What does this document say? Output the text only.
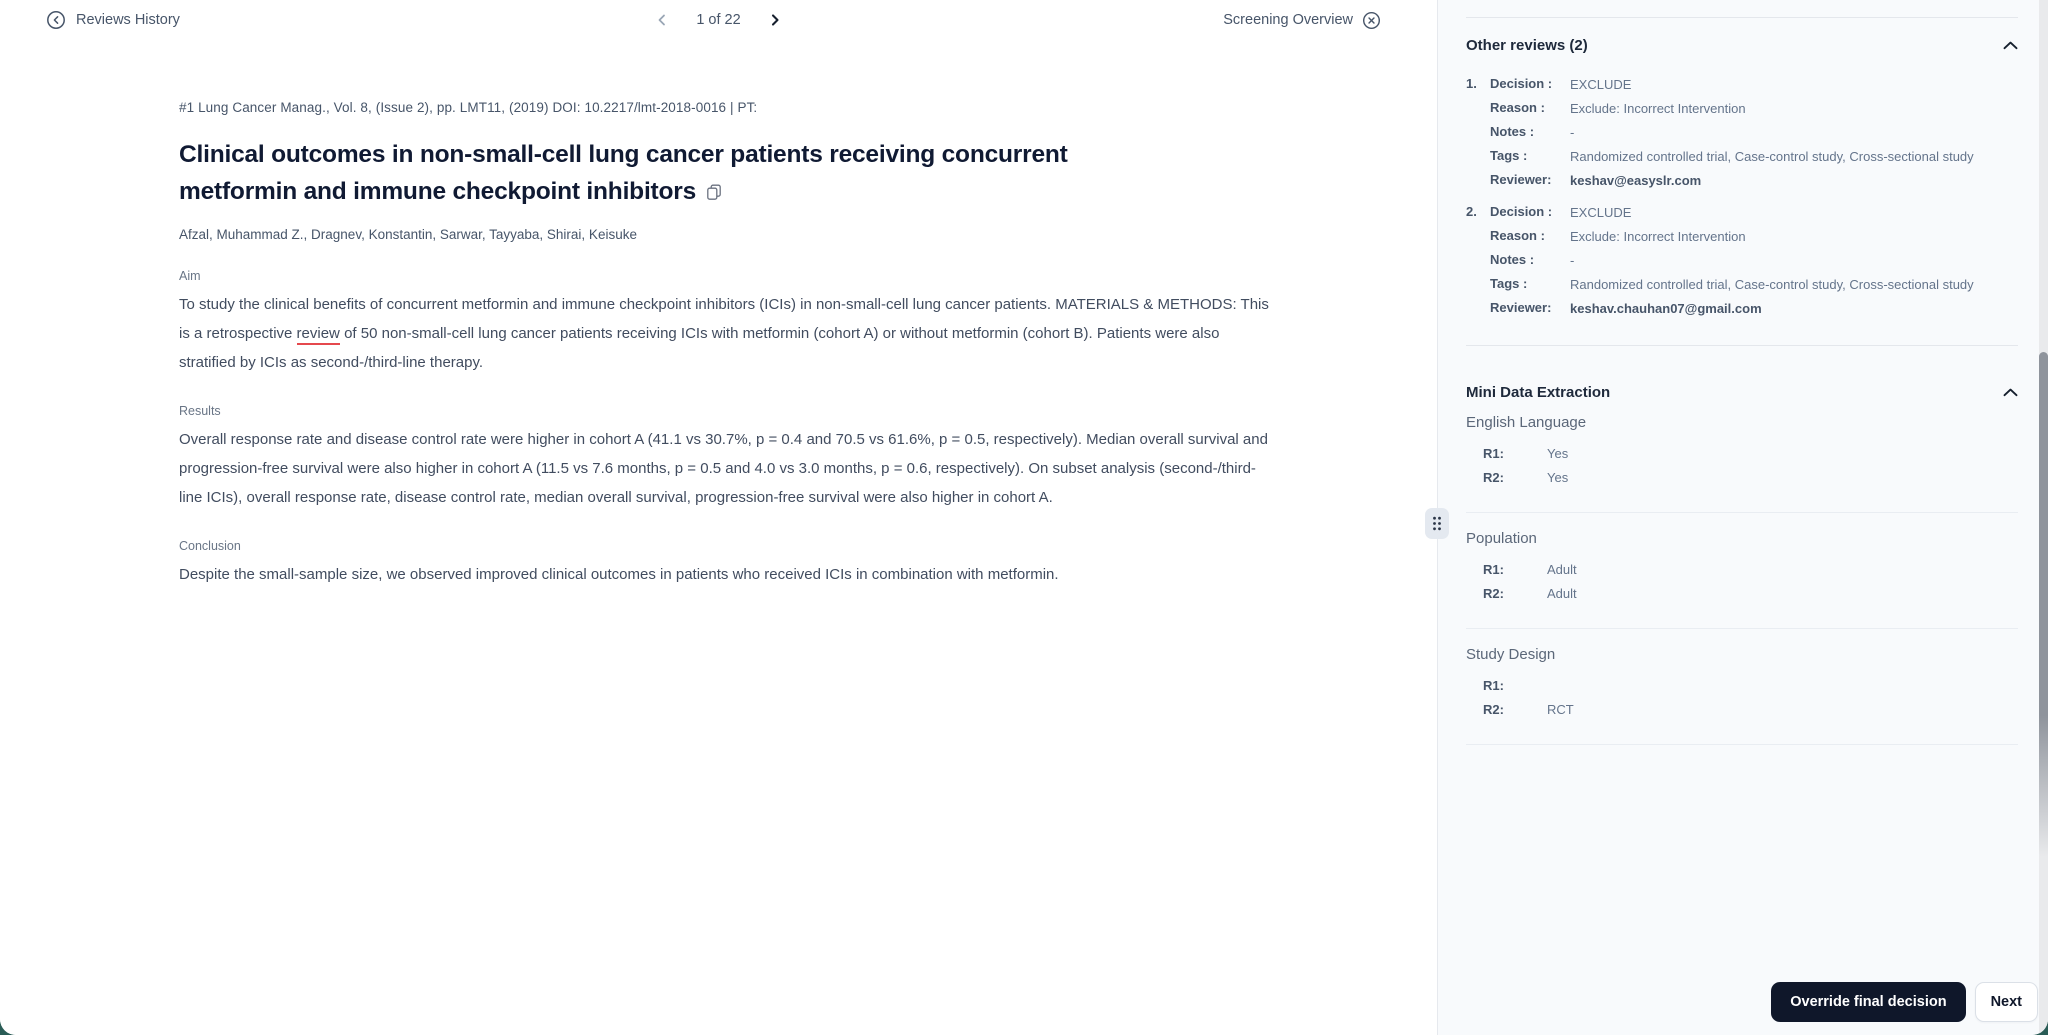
Reviews History	1 of 22	Screening Overview
#1 Lung Cancer Manag., Vol. 8, (Issue 2), pp. LMT11, (2019) DOI: 10.2217/lmt-2018-0016 | PT:
Clinical outcomes in non-small-cell lung cancer patients receiving concurrent metformin and immune checkpoint inhibitors
Afzal, Muhammad Z., Dragnev, Konstantin, Sarwar, Tayyaba, Shirai, Keisuke
Aim
To study the clinical benefits of concurrent metformin and immune checkpoint inhibitors (ICIs) in non-small-cell lung cancer patients. MATERIALS & METHODS: This is a retrospective review of 50 non-small-cell lung cancer patients receiving ICIs with metformin (cohort A) or without metformin (cohort B). Patients were also stratified by ICIs as second-/third-line therapy.
Results
Overall response rate and disease control rate were higher in cohort A (41.1 vs 30.7%, p = 0.4 and 70.5 vs 61.6%, p = 0.5, respectively). Median overall survival and progression-free survival were also higher in cohort A (11.5 vs 7.6 months, p = 0.5 and 4.0 vs 3.0 months, p = 0.6, respectively). On subset analysis (second-/third-line ICIs), overall response rate, disease control rate, median overall survival, progression-free survival were also higher in cohort A.
Conclusion
Despite the small-sample size, we observed improved clinical outcomes in patients who received ICIs in combination with metformin.
Other reviews (2)
1.	Decision :	EXCLUDE
Reason :	Exclude: Incorrect Intervention
Notes :	-
Tags :	Randomized controlled trial, Case-control study, Cross-sectional study
Reviewer:	keshav@easyslr.com
2.	Decision :	EXCLUDE
Reason :	Exclude: Incorrect Intervention
Notes :	-
Tags :	Randomized controlled trial, Case-control study, Cross-sectional study
Reviewer:	keshav.chauhan07@gmail.com
Mini Data Extraction
English Language
R1:	Yes
R2:	Yes
Population
R1:	Adult
R2:	Adult
Study Design
R1:
R2:	RCT
Override final decision	Next
